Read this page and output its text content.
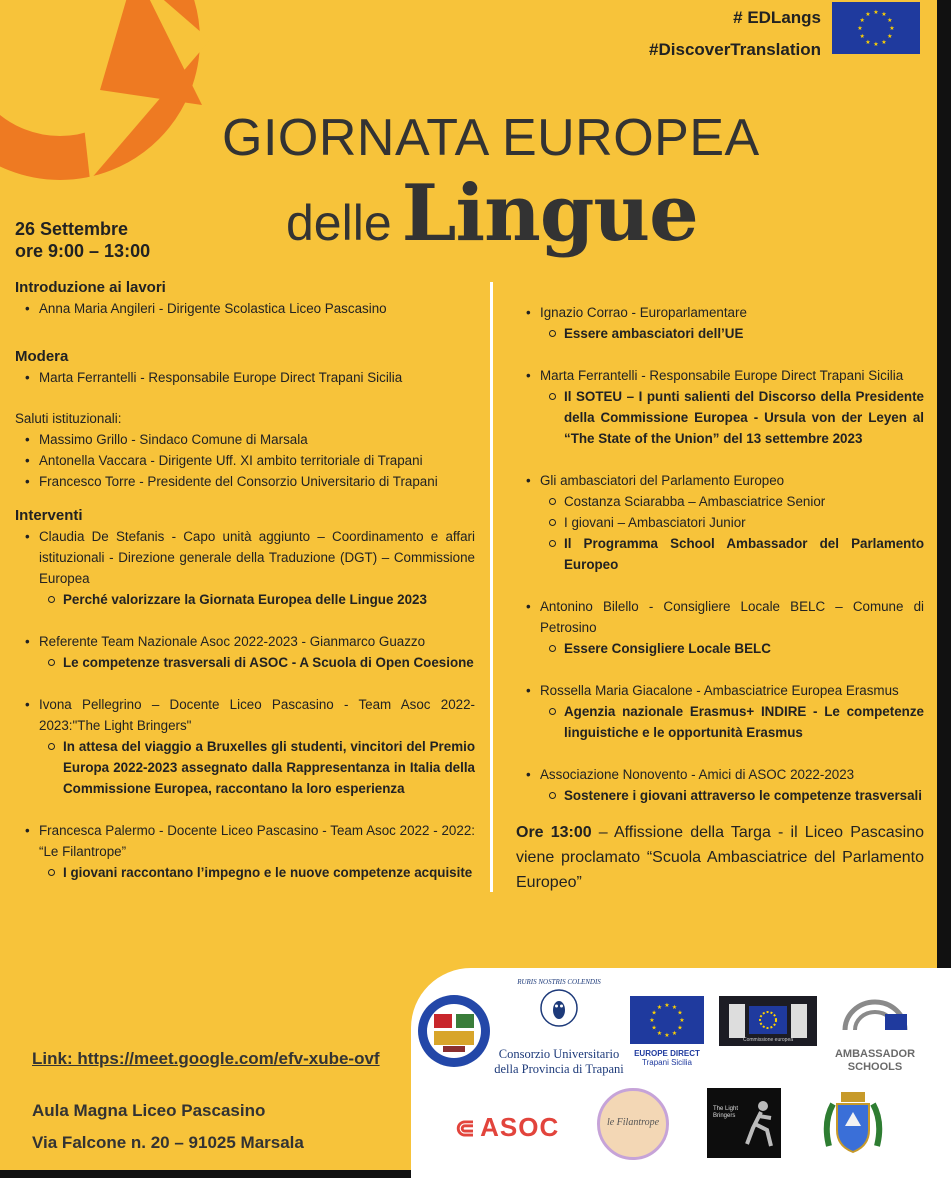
# EDLangs
#DiscoverTranslation
★
★
★
★
★
★
★
★
★ ★ ★
★
GIORNATA EUROPEA
delle Lingue
26 Settembre
ore 9:00 – 13:00
Introduzione ai lavori
• Anna Maria Angileri - Dirigente Scolastica Liceo Pascasino
Modera
• Marta Ferrantelli - Responsabile Europe Direct Trapani Sicilia
Saluti istituzionali:
• Massimo Grillo - Sindaco Comune di Marsala
• Antonella Vaccara - Dirigente Uff. XI ambito territoriale di Trapani
• Francesco Torre - Presidente del Consorzio Universitario di Trapani
Interventi
• Claudia De Stefanis - Capo unità aggiunto – Coordinamento e affari istituzionali - Direzione generale della Traduzione (DGT) – Commissione Europea
Perché valorizzare la Giornata Europea delle Lingue 2023
• Referente Team Nazionale Asoc 2022-2023 - Gianmarco Guazzo
Le competenze trasversali di ASOC - A Scuola di Open Coesione
• Ivona Pellegrino – Docente Liceo Pascasino - Team Asoc 2022-2023:"The Light Bringers"
In attesa del viaggio a Bruxelles gli studenti, vincitori del Premio Europa 2022-2023 assegnato dalla Rappresentanza in Italia della Commissione Europea, raccontano la loro esperienza
• Francesca Palermo - Docente Liceo Pascasino - Team Asoc 2022 - 2022: “Le Filantrope”
I giovani raccontano l’impegno e le nuove competenze acquisite
• Ignazio Corrao - Europarlamentare
Essere ambasciatori dell’UE
• Marta Ferrantelli - Responsabile Europe Direct Trapani Sicilia
Il SOTEU – I punti salienti del Discorso della Presidente della Commissione Europea - Ursula von der Leyen al “The State of the Union” del 13 settembre 2023
• Gli ambasciatori del Parlamento Europeo
Costanza Sciarabba – Ambasciatrice Senior
I giovani – Ambasciatori Junior
Il Programma School Ambassador del Parlamento Europeo
• Antonino Bilello - Consigliere Locale BELC – Comune di Petrosino
Essere Consigliere Locale BELC
• Rossella Maria Giacalone - Ambasciatrice Europea Erasmus
Agenzia nazionale Erasmus+ INDIRE - Le competenze linguistiche e le opportunità Erasmus
• Associazione Nonovento - Amici di ASOC 2022-2023
Sostenere i giovani attraverso le competenze trasversali
Ore 13:00 – Affissione della Targa - il Liceo Pascasino viene proclamato “Scuola Ambasciatrice del Parlamento Europeo”
Link: https://meet.google.com/efv-xube-ovf
Aula Magna Liceo Pascasino
Via Falcone n. 20 – 91025 Marsala
RURIS NOSTRIS COLENDIS
Consorzio Universitario
della Provincia di Trapani
★
★
★
★
★
★
★
★
★ ★ ★
★
EUROPE DIRECT
Trapani Sicilia
Commissione europea
AMBASSADOR
SCHOOLS
⋐ ASOC	le Filantrope
The Light Bringers
